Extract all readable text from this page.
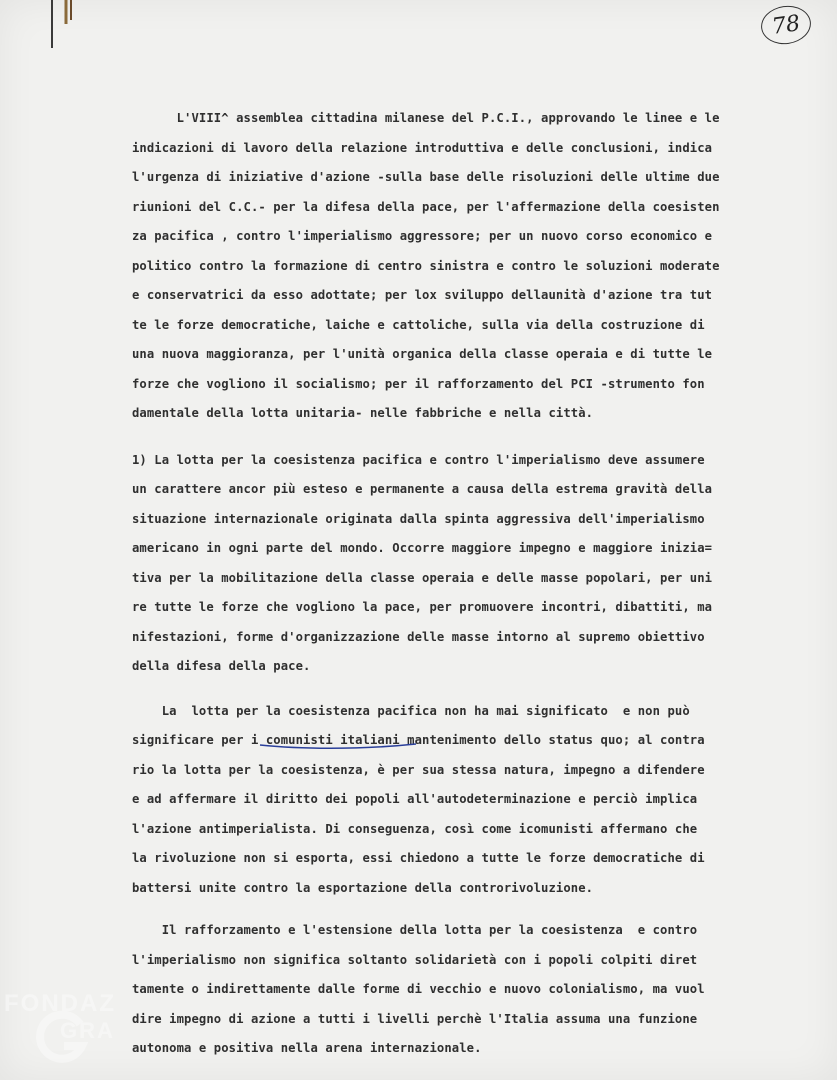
78

L'VIII^ assemblea cittadina milanese del P.C.I., approvando le linee e le

indicazioni di lavoro della relazione introduttiva e delle conclusioni, indica

l'urgenza di iniziative d'azione -sulla base delle risoluzioni delle ultime due

riunioni del C.C.- per la difesa della pace, per l'affermazione della coesisten

za pacifica , contro l'imperialismo aggressore; per un nuovo corso economico e

politico contro la formazione di centro sinistra e contro le soluzioni moderate

e conservatrici da esso adottate; per lox sviluppo dellaunità d'azione tra tut

te le forze democratiche, laiche e cattoliche, sulla via della costruzione di

una nuova maggioranza, per l'unità organica della classe operaia e di tutte le

forze che vogliono il socialismo; per il rafforzamento del PCI -strumento fon

damentale della lotta unitaria- nelle fabbriche e nella città.

1) La lotta per la coesistenza pacifica e contro l'imperialismo deve assumere

un carattere ancor più esteso e permanente a causa della estrema gravità della

situazione internazionale originata dalla spinta aggressiva dell'imperialismo

americano in ogni parte del mondo. Occorre maggiore impegno e maggiore inizia=

tiva per la mobilitazione della classe operaia e delle masse popolari, per uni

re tutte le forze che vogliono la pace, per promuovere incontri, dibattiti, ma

nifestazioni, forme d'organizzazione delle masse intorno al supremo obiettivo

della difesa della pace.

La  lotta per la coesistenza pacifica non ha mai significato  e non può

significare per i comunisti italiani mantenimento dello status quo; al contra

rio la lotta per la coesistenza, è per sua stessa natura, impegno a difendere

e ad affermare il diritto dei popoli all'autodeterminazione e perciò implica

l'azione antimperialista. Di conseguenza, così come icomunisti affermano che

la rivoluzione non si esporta, essi chiedono a tutte le forze democratiche di

battersi unite contro la esportazione della controrivoluzione.

Il rafforzamento e l'estensione della lotta per la coesistenza  e contro

l'imperialismo non significa soltanto solidarietà con i popoli colpiti diret

tamente o indirettamente dalle forme di vecchio e nuovo colonialismo, ma vuol

dire impegno di azione a tutti i livelli perchè l'Italia assuma una funzione

autonoma e positiva nella arena internazionale.

FONDAZ
GRA
